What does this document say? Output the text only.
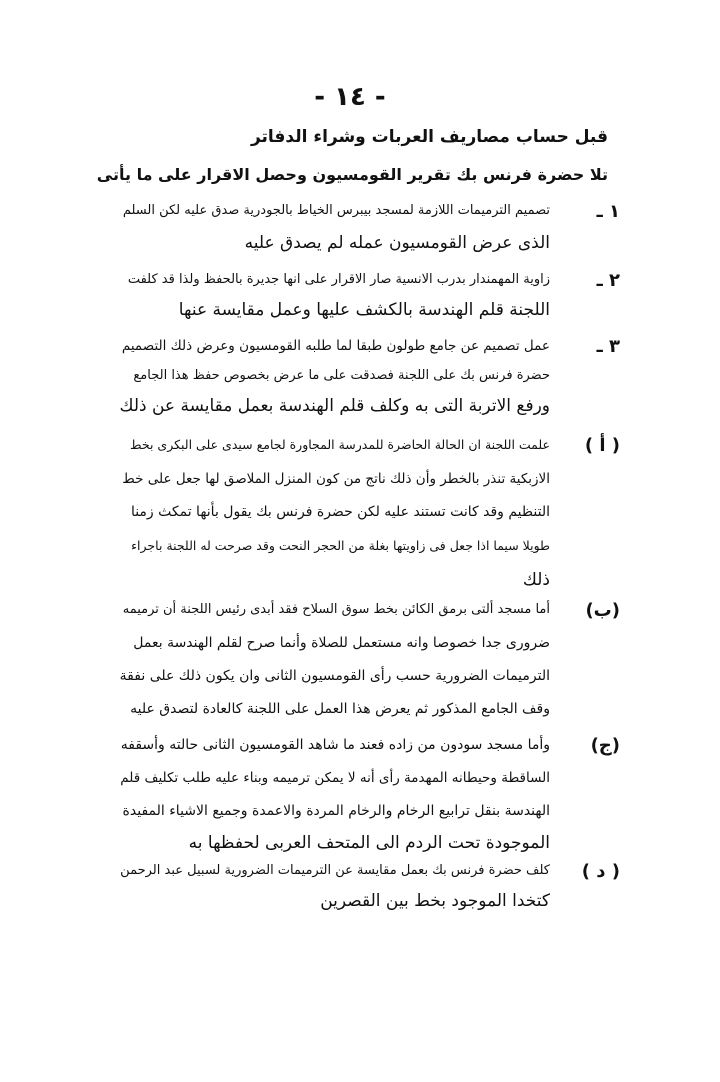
- ١٤ -
قبل حساب مصاريف العربات وشراء الدفاتر
تلا حضرة فرنس بك تقرير القومسيون وحصل الاقرار على ما يأتى
١ ـ
تصميم الترميمات اللازمة لمسجد بيبرس الخياط بالجودرية صدق عليه لكن السلم
الذى عرض القومسيون عمله لم يصدق عليه
٢ ـ
زاوية المهمندار بدرب الانسية صار الاقرار على انها جديرة بالحفظ ولذا قد كلفت
اللجنة قلم الهندسة بالكشف عليها وعمل مقايسة عنها
٣ ـ
عمل تصميم عن جامع طولون طبقا لما طلبه القومسيون وعرض ذلك التصميم
حضرة فرنس بك على اللجنة فصدقت على ما عرض بخصوص حفظ هذا الجامع
ورفع الاتربة التى به وكلف قلم الهندسة بعمل مقايسة عن ذلك
( أ )
علمت اللجنة ان الحالة الحاضرة للمدرسة المجاورة لجامع سيدى على البكرى بخط
الازبكية تنذر بالخطر وأن ذلك ناتج من كون المنزل الملاصق لها جعل على خط
التنظيم وقد كانت تستند عليه لكن حضرة فرنس بك يقول بأنها تمكث زمنا
طويلا سيما اذا جعل فى زاويتها بغلة من الحجر النحت وقد صرحت له اللجنة باجراء
ذلك
(ب)
أما مسجد ألتى برمق الكائن بخط سوق السلاح فقد أبدى رئيس اللجنة أن ترميمه
ضرورى جدا خصوصا وانه مستعمل للصلاة وأنما صرح لقلم الهندسة بعمل
الترميمات الضرورية حسب رأى القومسيون الثانى وان يكون ذلك على نفقة
وقف الجامع المذكور ثم يعرض هذا العمل على اللجنة كالعادة لتصدق عليه
(ج)
وأما مسجد سودون من زاده فعند ما شاهد القومسيون الثانى حالته وأسقفه
الساقطة وحيطانه المهدمة رأى أنه لا يمكن ترميمه وبناء عليه طلب تكليف قلم
الهندسة بنقل ترابيع الرخام والرخام المردة والاعمدة وجميع الاشياء المفيدة
الموجودة تحت الردم الى المتحف العربى لحفظها به
( د )
كلف حضرة فرنس بك بعمل مقايسة عن الترميمات الضرورية لسبيل عبد الرحمن
كتخدا الموجود بخط بين القصرين
